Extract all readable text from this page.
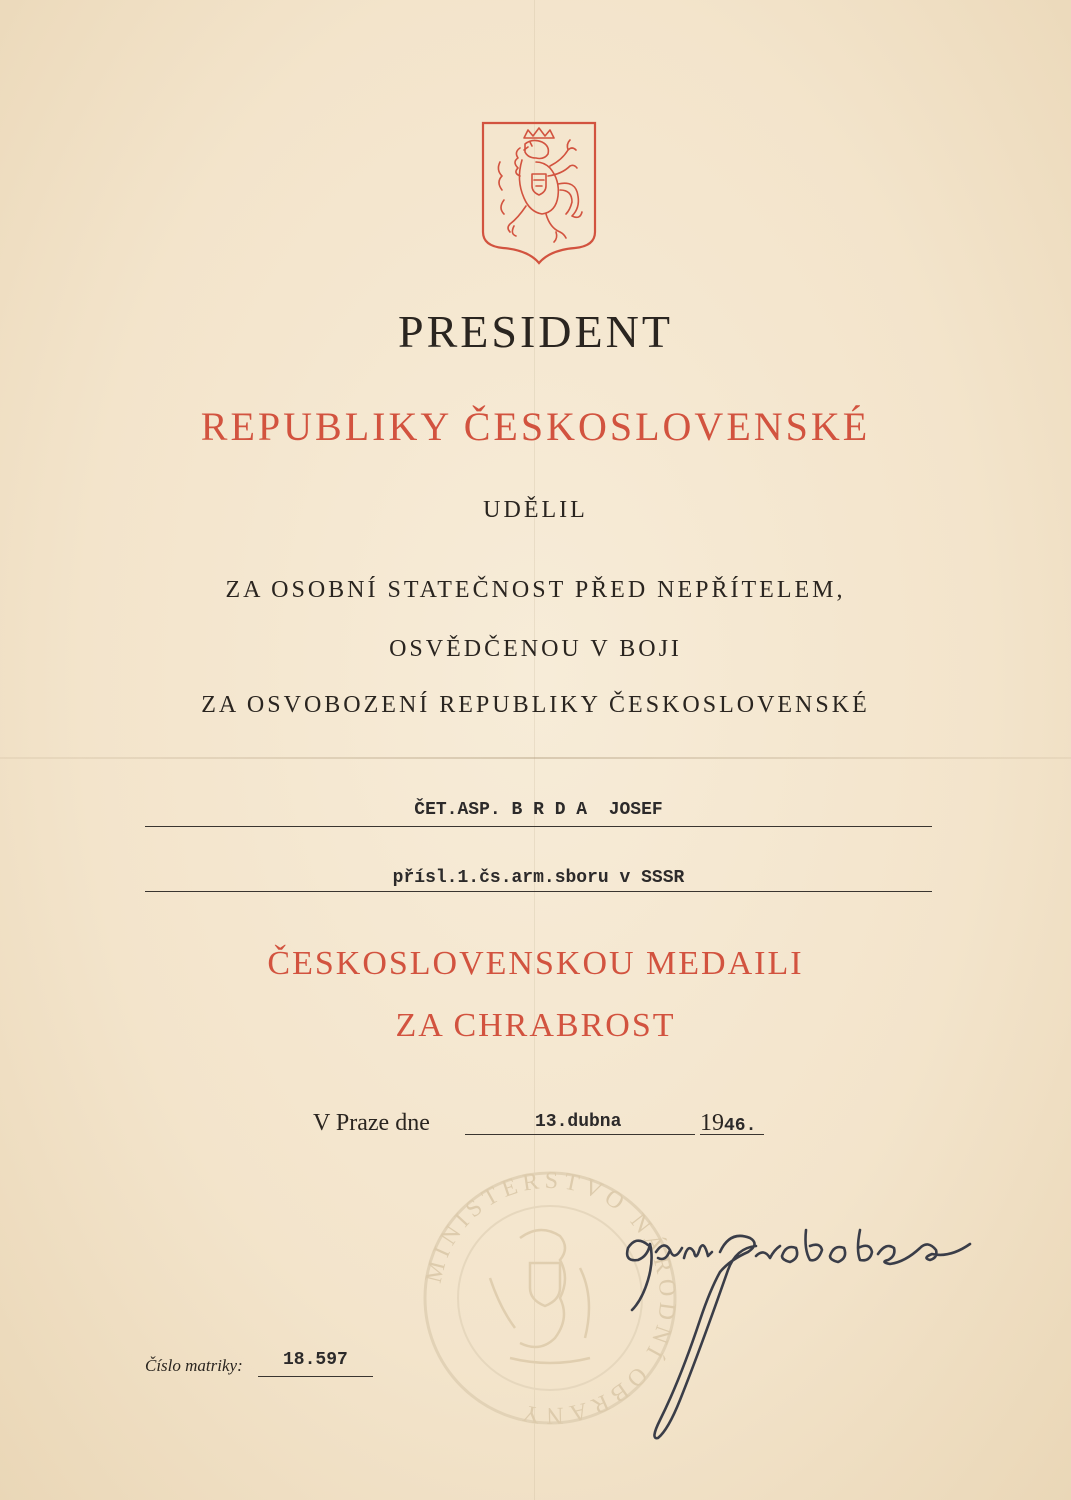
PRESIDENT
REPUBLIKY ČESKOSLOVENSKÉ
UDĚLIL
ZA OSOBNÍ STATEČNOST PŘED NEPŘÍTELEM,
OSVĚDČENOU V BOJI
ZA OSVOBOZENÍ REPUBLIKY ČESKOSLOVENSKÉ
ČET.ASP. B R D A  JOSEF
přísl.1.čs.arm.sboru v SSSR
ČESKOSLOVENSKOU MEDAILI
ZA CHRABROST
V Praze dne	13.dubna	1946.
MINISTERSTVO NÁRODNÍ OBRANY
Číslo matriky: 18.597
